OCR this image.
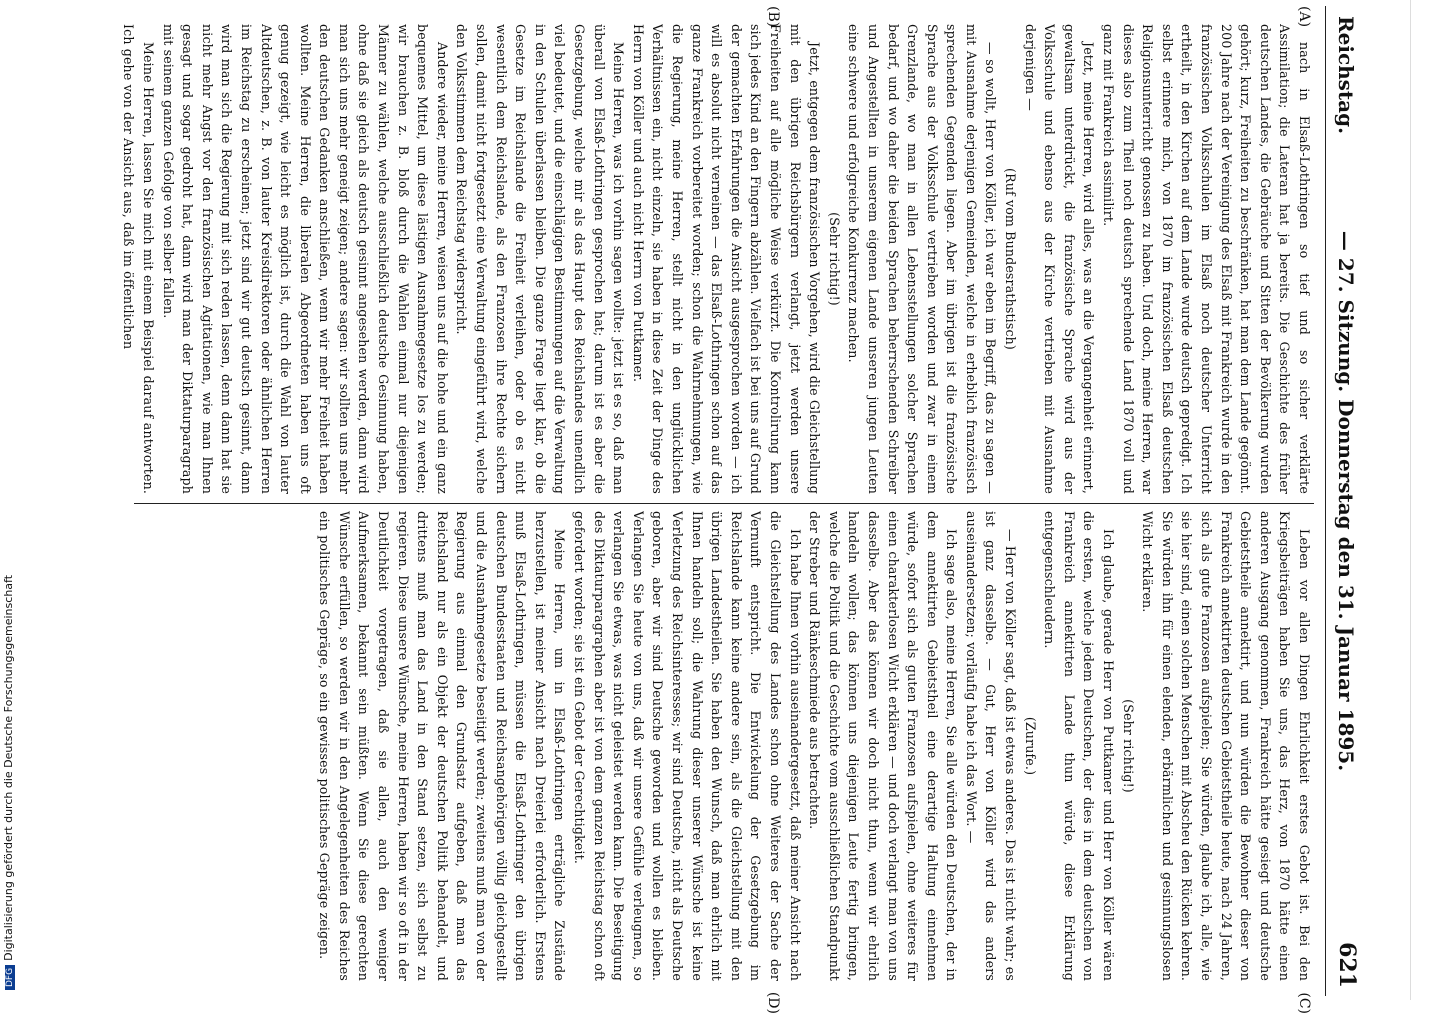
Reichstag.
— 27. Sitzung. Donnerstag den 31. Januar 1895.
621
(A)
(B)

nach in Elsaß-Lothringen so tief und so sicher verklärte Assimilation; die Lateran hat ja bereits. Die Geschichte des früher deutschen Landes, die Gebräuche und Sitten der Bevölkerung wurden gehört; kurz, Freiheiten zu beschränken, hat man dem Lande gegönnt. 200 Jahre nach der Vereinigung des Elsaß mit Frankreich wurde in den französischen Volksschulen im Elsaß noch deutscher Unterricht ertheilt, in den Kirchen auf dem Lande wurde deutsch gepredigt. Ich selbst erinnere mich, von 1870 im französischen Elsaß deutschen Religionsunterricht genossen zu haben. Und doch, meine Herren, war dieses also zum Theil noch deutsch sprechende Land 1870 voll und ganz mit Frankreich assimilirt.

Jetzt, meine Herren, wird alles, was an die Vergangenheit erinnert, gewaltsam unterdrückt, die französische Sprache wird aus der Volksschule und ebenso aus der Kirche vertrieben mit Ausnahme derjenigen —

(Ruf vom Bundesrathstisch)

— so wollt, Herr von Köller, ich war eben im Begriff, das zu sagen — mit Ausnahme derjenigen Gemeinden, welche in erheblich französisch sprechenden Gegenden liegen. Aber im übrigen ist die französische Sprache aus der Volksschule vertrieben worden und zwar in einem Grenzlande, wo man in allen Lebensstellungen solcher Sprachen bedarf, und wo daher die beiden Sprachen beherrschenden Schreiber und Angestellten in unserem eigenen Lande unseren jungen Leuten eine schwere und erfolgreiche Konkurrenz machen.

(Sehr richtig!)

Jetzt, entgegen dem französischen Vorgehen, wird die Gleichstellung mit den übrigen Reichsbürgern verlangt, jetzt werden unsere Freiheiten auf alle mögliche Weise verkürzt. Die Kontrolirung kann sich jedes Kind an den Fingern abzählen. Vielfach ist bei uns auf Grund der gemachten Erfahrungen die Ansicht ausgesprochen worden — ich will es absolut nicht verneinen — das Elsaß-Lothringen schon auf das ganze Frankreich vorbereitet worden; schon die Wahrnehmungen, wie die Regierung, meine Herren, stellt nicht in den unglücklichen Verhältnissen ein, nicht einzeln, sie haben in diese Zeit der Dinge des Herrn von Köller und auch nicht Herrn von Puttkamer.

Meine Herren, was ich vorhin sagen wollte: jetzt ist es so, daß man überall von Elsaß-Lothringen gesprochen hat; darum ist es aber die Gesetzgebung, welche mir als das Haupt des Reichslandes unendlich viel bedeutet, und die einschlägigen Bestimmungen auf die Verwaltung in den Schulen überlassen bleiben. Die ganze Frage liegt klar, ob die Gesetze im Reichslande die Freiheit verleihen, oder ob es nicht wesentlich dem Reichslande, als den Franzosen ihre Rechte sichern sollen, damit nicht fortgesetzt eine Verwaltung eingeführt wird, welche den Volksstimmen dem Reichstag widerspricht.

Andere wieder, meine Herren, weisen uns auf die hohe und ein ganz bequemes Mittel, um diese lästigen Ausnahmegesetze los zu werden; wir brauchen z. B. bloß durch die Wahlen einmal nur diejenigen Männer zu wählen, welche ausschließlich deutsche Gesinnung haben, ohne daß sie gleich als deutsch gesinnt angesehen werden, dann wird man sich uns mehr geneigt zeigen; andere sagen: wir sollten uns mehr den deutschen Gedanken anschließen, wenn wir mehr Freiheit haben wollten. Meine Herren, die liberalen Abgeordneten haben uns oft genug gezeigt, wie leicht es möglich ist, durch die Wahl von lauter Altdeutschen, z. B. von lauter Kreisdirektoren oder ähnlichen Herren im Reichstag zu erscheinen; jetzt sind wir gut deutsch gesinnt, dann wird man sich die Regierung mit sich reden lassen, denn dann hat sie nicht mehr Angst vor den französischen Agitationen, wie man Ihnen gesagt und sogar gedroht hat, dann wird man der Diktaturparagraph mit seinem ganzen Gefolge von selber fallen.

Meine Herren, lassen Sie mich mit einem Beispiel darauf antworten. Ich gehe von der Ansicht aus, daß im öffentlichen

Leben vor allen Dingen Ehrlichkeit erstes Gebot ist. Bei den Kriegsbeiträgen haben Sie uns, das Herz, von 1870 hätte einen anderen Ausgang genommen, Frankreich hätte gesiegt und deutsche Gebietstheile annektirt, und nun würden die Bewohner dieser von Frankreich annektirten deutschen Gebietstheile heute, nach 24 Jahren, sich als gute Franzosen aufspielen; Sie würden, glaube ich, alle, wie sie hier sind, einen solchen Menschen mit Abscheu den Rücken kehren. Sie würden ihn für einen elenden, erbärmlichen und gesinnungslosen Wicht erklären.

(Sehr richtig!)

Ich glaube, gerade Herr von Puttkamer und Herr von Köller wären die ersten, welche jedem Deutschen, der dies in dem deutschen von Frankreich annektirten Lande thun würde, diese Erklärung entgegenschleudern.

(Zurufe.)

— Herr von Köller sagt, daß ist etwas anderes. Das ist nicht wahr; es ist ganz dasselbe. — Gut, Herr von Köller wird das anders auseinandersetzen; vorläufig habe ich das Wort. —

Ich sage also, meine Herren, Sie alle würden den Deutschen, der in dem annektirten Gebietstheil eine derartige Haltung einnehmen würde, sofort sich als guten Franzosen aufspielen, ohne weiteres für einen charakterlosen Wicht erklären — und doch verlangt man von uns dasselbe. Aber das können wir doch nicht thun, wenn wir ehrlich handeln wollen; das können uns diejenigen Leute fertig bringen, welche die Politik und die Geschichte vom ausschließlichen Standpunkt der Streber und Ränkeschmiede aus betrachten.

Ich habe Ihnen vorhin auseinandergesetzt, daß meiner Ansicht nach die Gleichstellung des Landes schon ohne Weiteres der Sache der Vernunft entspricht. Die Entwickelung der Gesetzgebung im Reichslande kann keine andere sein, als die Gleichstellung mit den übrigen Landestheilen. Sie haben den Wunsch, daß man ehrlich mit Ihnen handeln soll; die Wahrung dieser unserer Wünsche ist keine Verletzung des Reichsinteresses; wir sind Deutsche, nicht als Deutsche geboren, aber wir sind Deutsche geworden und wollen es bleiben. Verlangen Sie heute von uns, daß wir unsere Gefühle verleugnen, so verlangen Sie etwas, was nicht geleistet werden kann. Die Beseitigung des Diktaturparagraphen aber ist von dem ganzen Reichstag schon oft gefordert worden; sie ist ein Gebot der Gerechtigkeit.

Meine Herren, um in Elsaß-Lothringen erträgliche Zustände herzustellen, ist meiner Ansicht nach Dreierlei erforderlich. Erstens muß Elsaß-Lothringen, müssen die Elsaß-Lothringer den übrigen deutschen Bundesstaaten und Reichsangehörigen völlig gleichgestellt und die Ausnahmegesetze beseitigt werden; zweitens muß man von der Regierung aus einmal den Grundsatz aufgeben, daß man das Reichsland nur als ein Objekt der deutschen Politik behandelt, und drittens muß man das Land in den Stand setzen, sich selbst zu regieren. Diese unsere Wünsche, meine Herren, haben wir so oft in der Deutlichkeit vorgetragen, daß sie allen, auch den weniger Aufmerksamen, bekannt sein müßten. Wenn Sie diese gerechten Wünsche erfüllen, so werden wir in den Angelegenheiten des Reiches ein politisches Gepräge, so ein gewisses politisches Gepräge zeigen.

(C)
(D)
DFGDigitalisierung gefördert durch die Deutsche Forschungsgemeinschaft
